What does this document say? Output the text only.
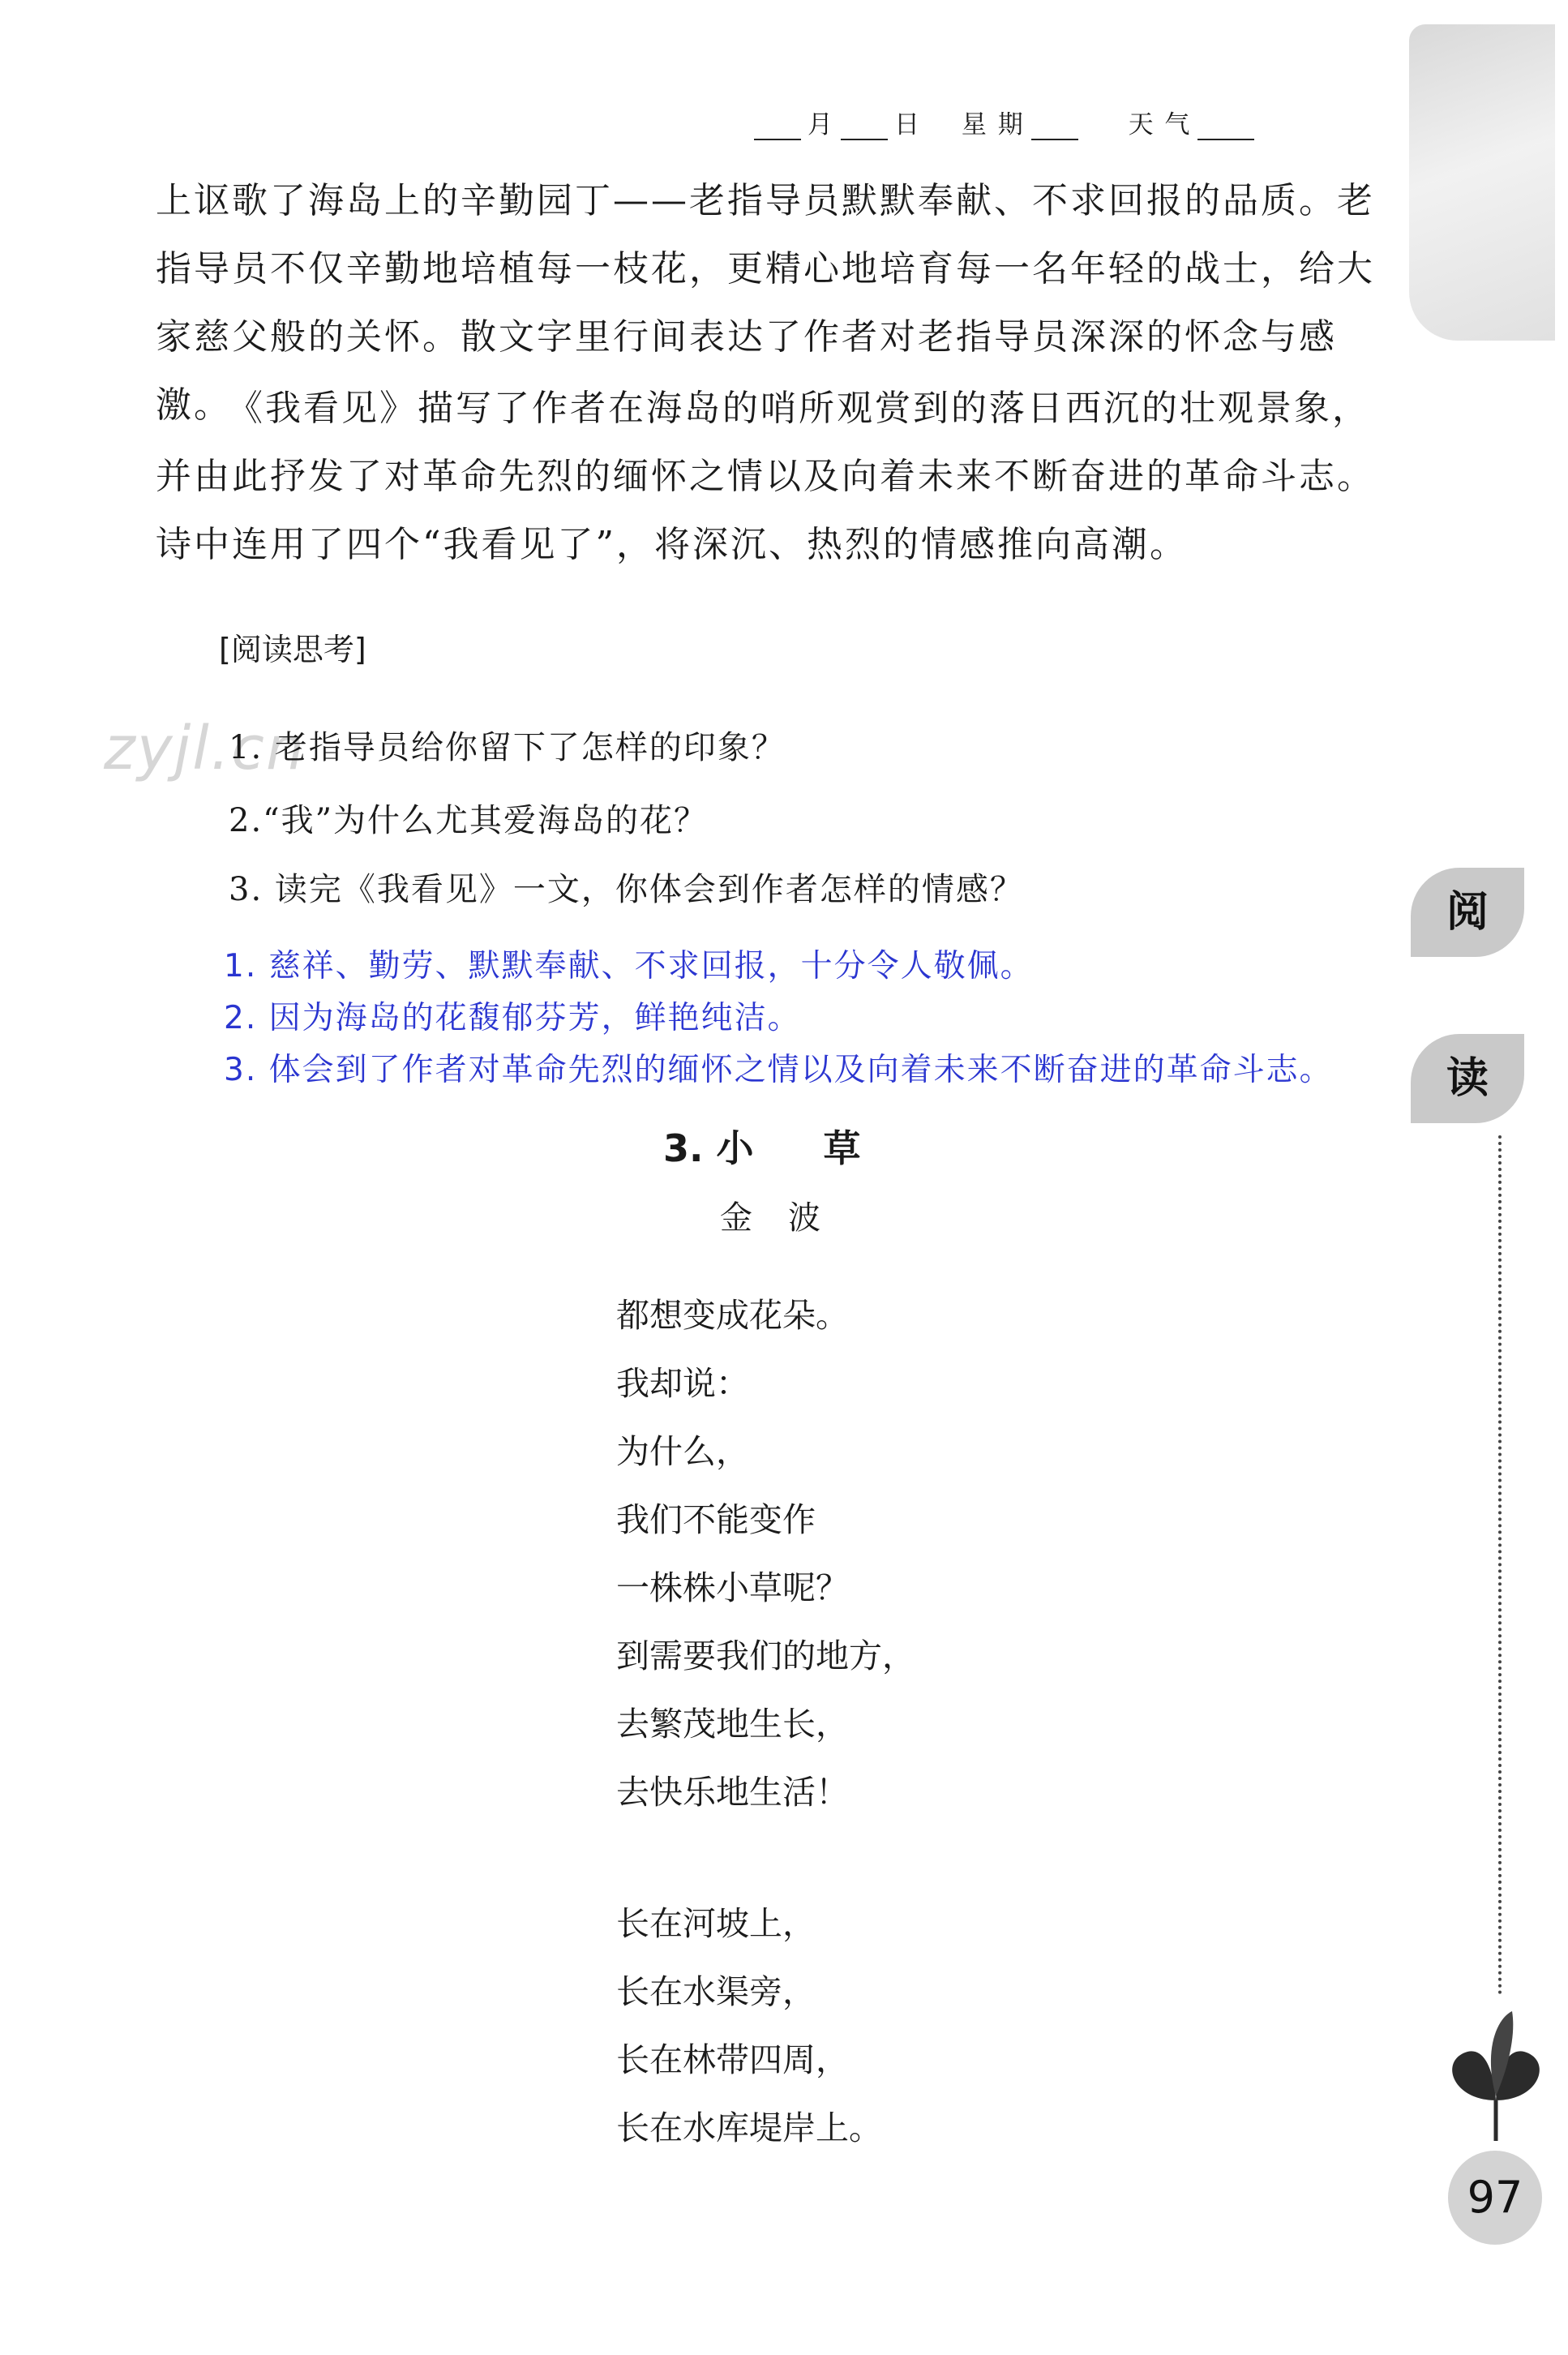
月 日 星 期	天 气

上讴歌了海岛上的辛勤园丁——老指导员默默奉献、不求回报的品质。老指导员不仅辛勤地培植每一枝花，更精心地培育每一名年轻的战士，给大家慈父般的关怀。散文字里行间表达了作者对老指导员深深的怀念与感激。

《我看见》描写了作者在海岛的哨所观赏到的落日西沉的壮观景象，并由此抒发了对革命先烈的缅怀之情以及向着未来不断奋进的革命斗志。诗中连用了四个“我看见了”，将深沉、热烈的情感推向高潮。

[阅读思考]
zyjl.cn
1. 老指导员给你留下了怎样的印象？
2.“我”为什么尤其爱海岛的花？
3. 读完《我看见》一文，你体会到作者怎样的情感？
1. 慈祥、勤劳、默默奉献、不求回报，十分令人敬佩。
2. 因为海岛的花馥郁芬芳，鲜艳纯洁。
3. 体会到了作者对革命先烈的缅怀之情以及向着未来不断奋进的革命斗志。
3. 小 草
金波
都想变成花朵。
我却说：
为什么，
我们不能变作
一株株小草呢？
到需要我们的地方，
去繁茂地生长，
去快乐地生活！
长在河坡上，
长在水渠旁，
长在林带四周，
长在水库堤岸上。
阅
读
97
